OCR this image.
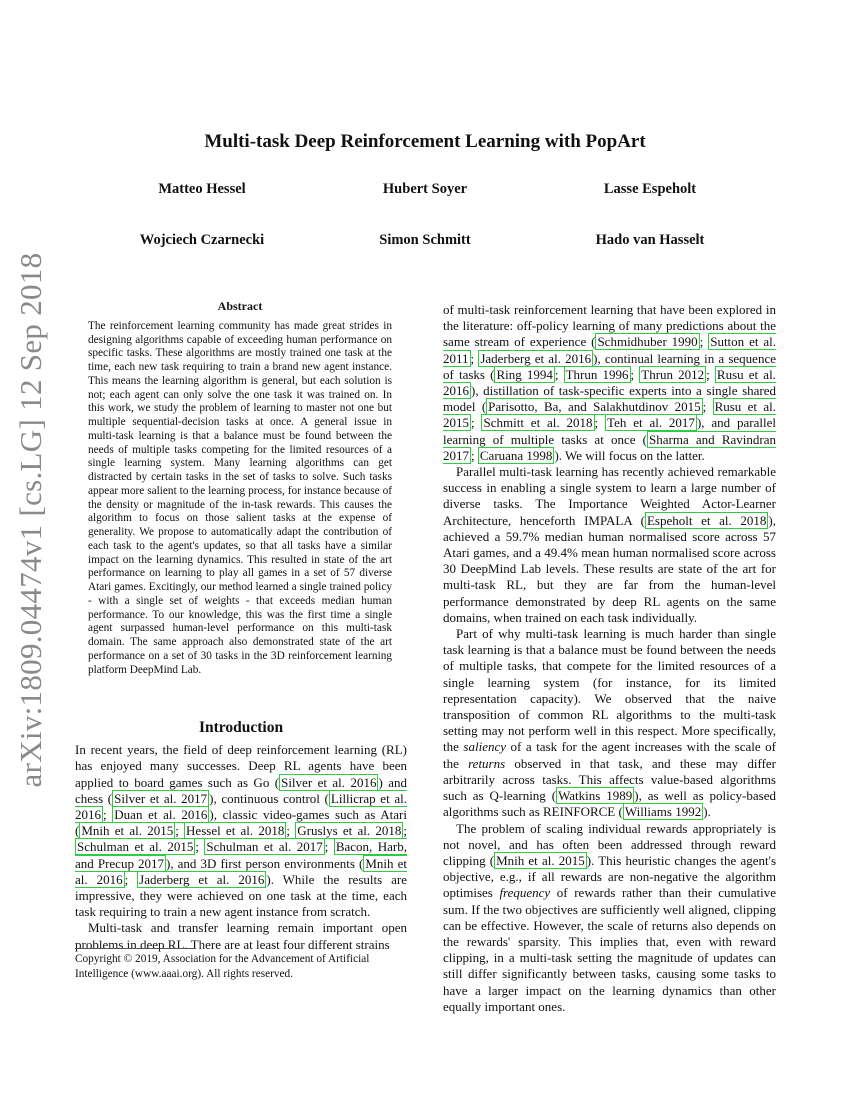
arXiv:1809.04474v1 [cs.LG] 12 Sep 2018
Multi-task Deep Reinforcement Learning with PopArt
Matteo Hessel	Hubert Soyer	Lasse Espeholt
Wojciech Czarnecki	Simon Schmitt	Hado van Hasselt

Abstract

The reinforcement learning community has made great strides in designing algorithms capable of exceeding human performance on specific tasks. These algorithms are mostly trained one task at the time, each new task requiring to train a brand new agent instance. This means the learning algorithm is general, but each solution is not; each agent can only solve the one task it was trained on. In this work, we study the problem of learning to master not one but multiple sequential-decision tasks at once. A general issue in multi-task learning is that a balance must be found between the needs of multiple tasks competing for the limited resources of a single learning system. Many learning algorithms can get distracted by certain tasks in the set of tasks to solve. Such tasks appear more salient to the learning process, for instance because of the density or magnitude of the in-task rewards. This causes the algorithm to focus on those salient tasks at the expense of generality. We propose to automatically adapt the contribution of each task to the agent's updates, so that all tasks have a similar impact on the learning dynamics. This resulted in state of the art performance on learning to play all games in a set of 57 diverse Atari games. Excitingly, our method learned a single trained policy - with a single set of weights - that exceeds median human performance. To our knowledge, this was the first time a single agent surpassed human-level performance on this multi-task domain. The same approach also demonstrated state of the art performance on a set of 30 tasks in the 3D reinforcement learning platform DeepMind Lab.

Introduction

In recent years, the field of deep reinforcement learning (RL) has enjoyed many successes. Deep RL agents have been applied to board games such as Go ( Silver et al. 2016 ) and chess ( Silver et al. 2017 ), continuous control ( Lillicrap et al. 2016 ; Duan et al. 2016 ), classic video-games such as Atari ( Mnih et al. 2015 ; Hessel et al. 2018 ; Gruslys et al. 2018 ; Schulman et al. 2015 ; Schulman et al. 2017 ; Bacon, Harb, and Precup 2017 ), and 3D first person environments ( Mnih et al. 2016 ; Jaderberg et al. 2016 ). While the results are impressive, they were achieved on one task at the time, each task requiring to train a new agent instance from scratch.

Multi-task and transfer learning remain important open problems in deep RL. There are at least four different strains

Copyright © 2019, Association for the Advancement of Artificial Intelligence (www.aaai.org). All rights reserved.

of multi-task reinforcement learning that have been explored in the literature: off-policy learning of many predictions about the same stream of experience ( Schmidhuber 1990 ; Sutton et al. 2011 ; Jaderberg et al. 2016 ), continual learning in a sequence of tasks ( Ring 1994 ; Thrun 1996 ; Thrun 2012 ; Rusu et al. 2016 ), distillation of task-specific experts into a single shared model ( Parisotto, Ba, and Salakhutdinov 2015 ; Rusu et al. 2015 ; Schmitt et al. 2018 ; Teh et al. 2017 ), and parallel learning of multiple tasks at once ( Sharma and Ravindran 2017 ; Caruana 1998 ). We will focus on the latter.

Parallel multi-task learning has recently achieved remarkable success in enabling a single system to learn a large number of diverse tasks. The Importance Weighted Actor-Learner Architecture, henceforth IMPALA ( Espeholt et al. 2018 ), achieved a 59.7% median human normalised score across 57 Atari games, and a 49.4% mean human normalised score across 30 DeepMind Lab levels. These results are state of the art for multi-task RL, but they are far from the human-level performance demonstrated by deep RL agents on the same domains, when trained on each task individually.

Part of why multi-task learning is much harder than single task learning is that a balance must be found between the needs of multiple tasks, that compete for the limited resources of a single learning system (for instance, for its limited representation capacity). We observed that the naive transposition of common RL algorithms to the multi-task setting may not perform well in this respect. More specifically, the saliency of a task for the agent increases with the scale of the returns observed in that task, and these may differ arbitrarily across tasks. This affects value-based algorithms such as Q-learning ( Watkins 1989 ), as well as policy-based algorithms such as REINFORCE ( Williams 1992 ).

The problem of scaling individual rewards appropriately is not novel, and has often been addressed through reward clipping ( Mnih et al. 2015 ). This heuristic changes the agent's objective, e.g., if all rewards are non-negative the algorithm optimises frequency of rewards rather than their cumulative sum. If the two objectives are sufficiently well aligned, clipping can be effective. However, the scale of returns also depends on the rewards' sparsity. This implies that, even with reward clipping, in a multi-task setting the magnitude of updates can still differ significantly between tasks, causing some tasks to have a larger impact on the learning dynamics than other equally important ones.
